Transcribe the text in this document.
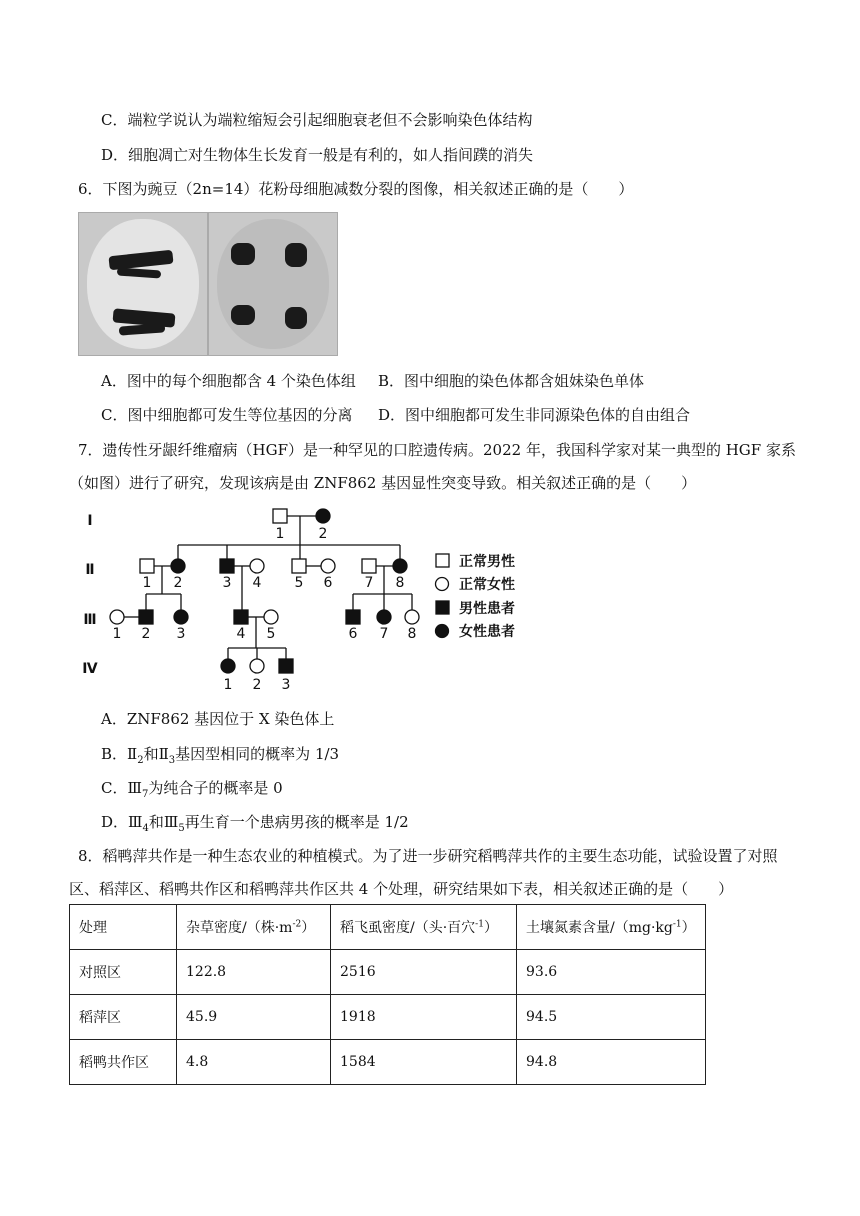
C．端粒学说认为端粒缩短会引起细胞衰老但不会影响染色体结构
D．细胞凋亡对生物体生长发育一般是有利的，如人指间蹼的消失
6．下图为豌豆（2n=14）花粉母细胞减数分裂的图像，相关叙述正确的是（　　）
A．图中的每个细胞都含 4 个染色体组 B．图中细胞的染色体都含姐妹染色单体
C．图中细胞都可发生等位基因的分离 D．图中细胞都可发生非同源染色体的自由组合
7．遗传性牙龈纤维瘤病（HGF）是一种罕见的口腔遗传病。2022 年，我国科学家对某一典型的 HGF 家系
（如图）进行了研究，发现该病是由 ZNF862 基因显性突变导致。相关叙述正确的是（　　）
Ⅰ
Ⅱ
Ⅲ
Ⅳ
1 2
1 2	3 4 5 6 7 8
1 2 3	4 5	6 7 8
1 2 3
正常男性
正常女性
男性患者
女性患者
A．ZNF862 基因位于 X 染色体上
B．$Ⅱ_2$和$Ⅱ_3$基因型相同的概率为 1/3
C．$Ⅲ_7$为纯合子的概率是 0
D．$Ⅲ_4$和$Ⅲ_5$再生育一个患病男孩的概率是 1/2
8．稻鸭萍共作是一种生态农业的种植模式。为了进一步研究稻鸭萍共作的主要生态功能，试验设置了对照
区、稻萍区、稻鸭共作区和稻鸭萍共作区共 4 个处理，研究结果如下表，相关叙述正确的是（　　）
处理	杂草密度/（株$\cdot m^{-2}$）	稻飞虱密度/（头·百穴$^{-1}$）	土壤氮素含量$/(mg\cdot kg^{-1})$
对照区	122.8	2516	93.6
稻萍区	45.9	1918	94.5
稻鸭共作区	4.8	1584	94.8
